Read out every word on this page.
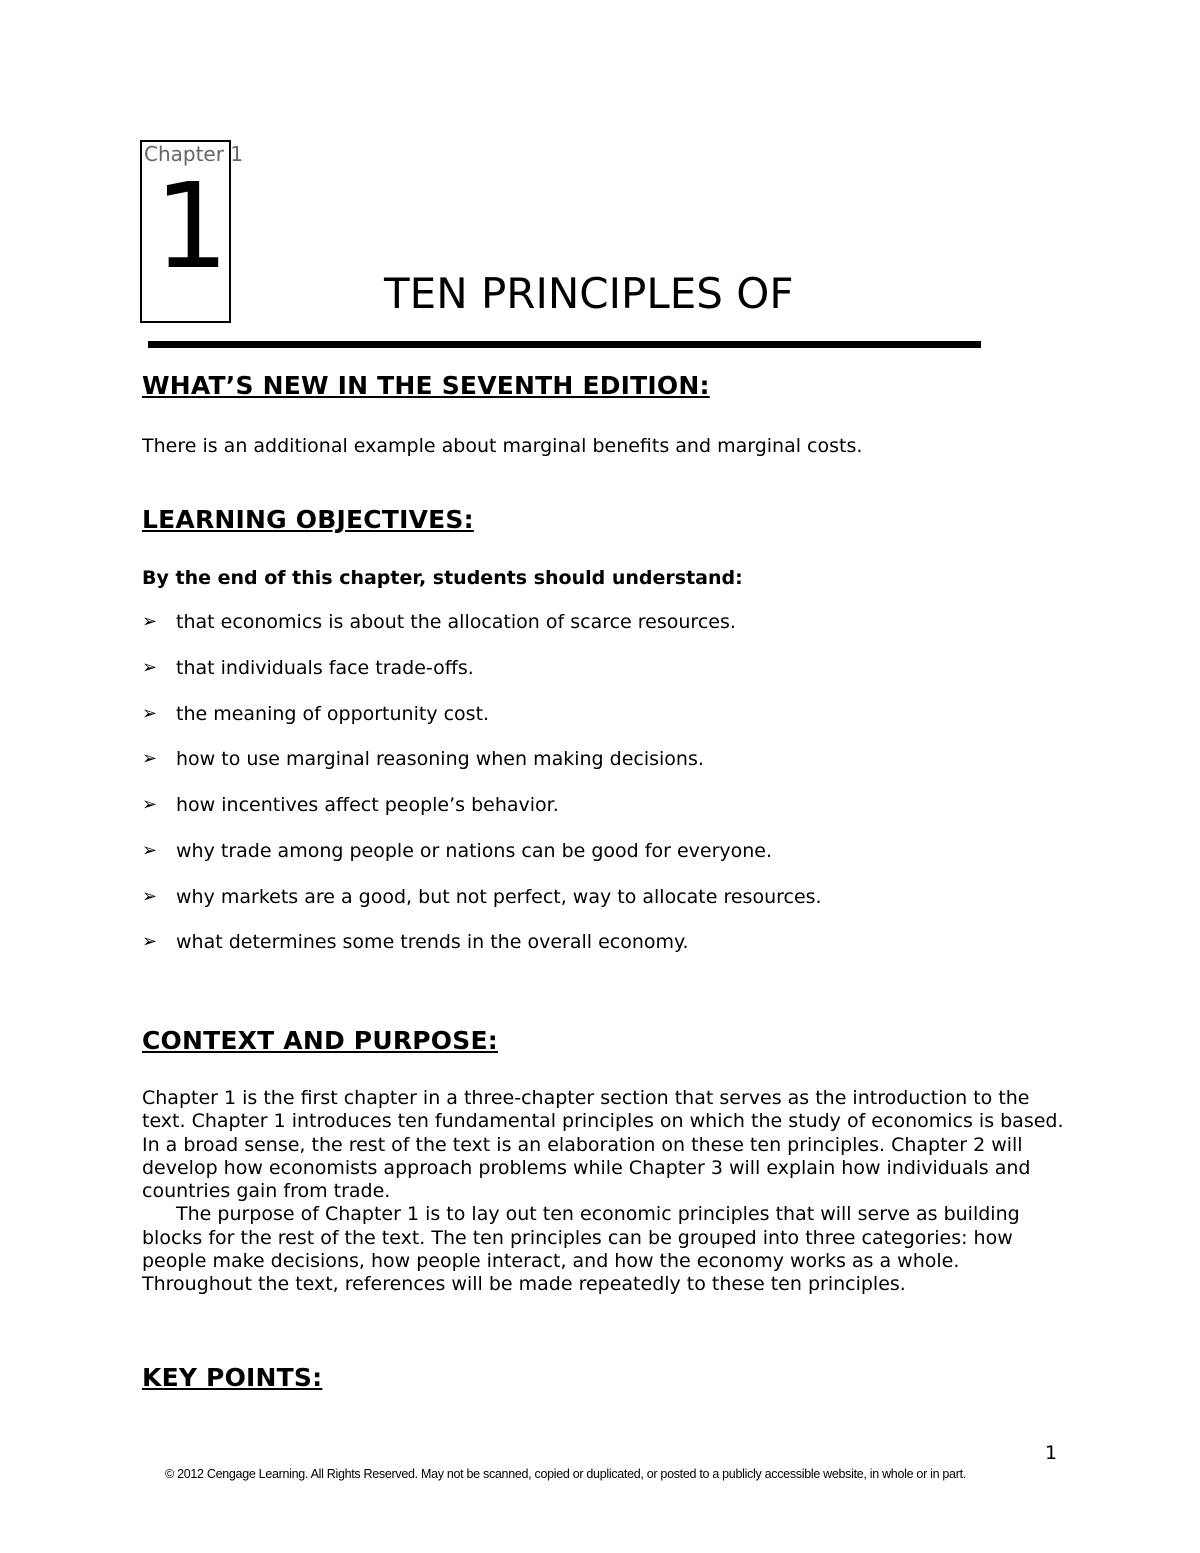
Chapter 1
1	TEN PRINCIPLES OF
WHAT’S NEW IN THE SEVENTH EDITION:
There is an additional example about marginal benefits and marginal costs.
LEARNING OBJECTIVES:
By the end of this chapter, students should understand:
➢ that economics is about the allocation of scarce resources.
➢ that individuals face trade-offs.
➢ the meaning of opportunity cost.
➢ how to use marginal reasoning when making decisions.
➢ how incentives affect people’s behavior.
➢ why trade among people or nations can be good for everyone.
➢ why markets are a good, but not perfect, way to allocate resources.
➢ what determines some trends in the overall economy.
CONTEXT AND PURPOSE:

Chapter 1 is the first chapter in a three-chapter section that serves as the introduction to the text. Chapter 1 introduces ten fundamental principles on which the study of economics is based. In a broad sense, the rest of the text is an elaboration on these ten principles. Chapter 2 will develop how economists approach problems while Chapter 3 will explain how individuals and countries gain from trade.

The purpose of Chapter 1 is to lay out ten economic principles that will serve as building blocks for the rest of the text. The ten principles can be grouped into three categories: how people make decisions, how people interact, and how the economy works as a whole. Throughout the text, references will be made repeatedly to these ten principles.

KEY POINTS:
1
© 2012 Cengage Learning. All Rights Reserved. May not be scanned, copied or duplicated, or posted to a publicly accessible website, in whole or in part.
